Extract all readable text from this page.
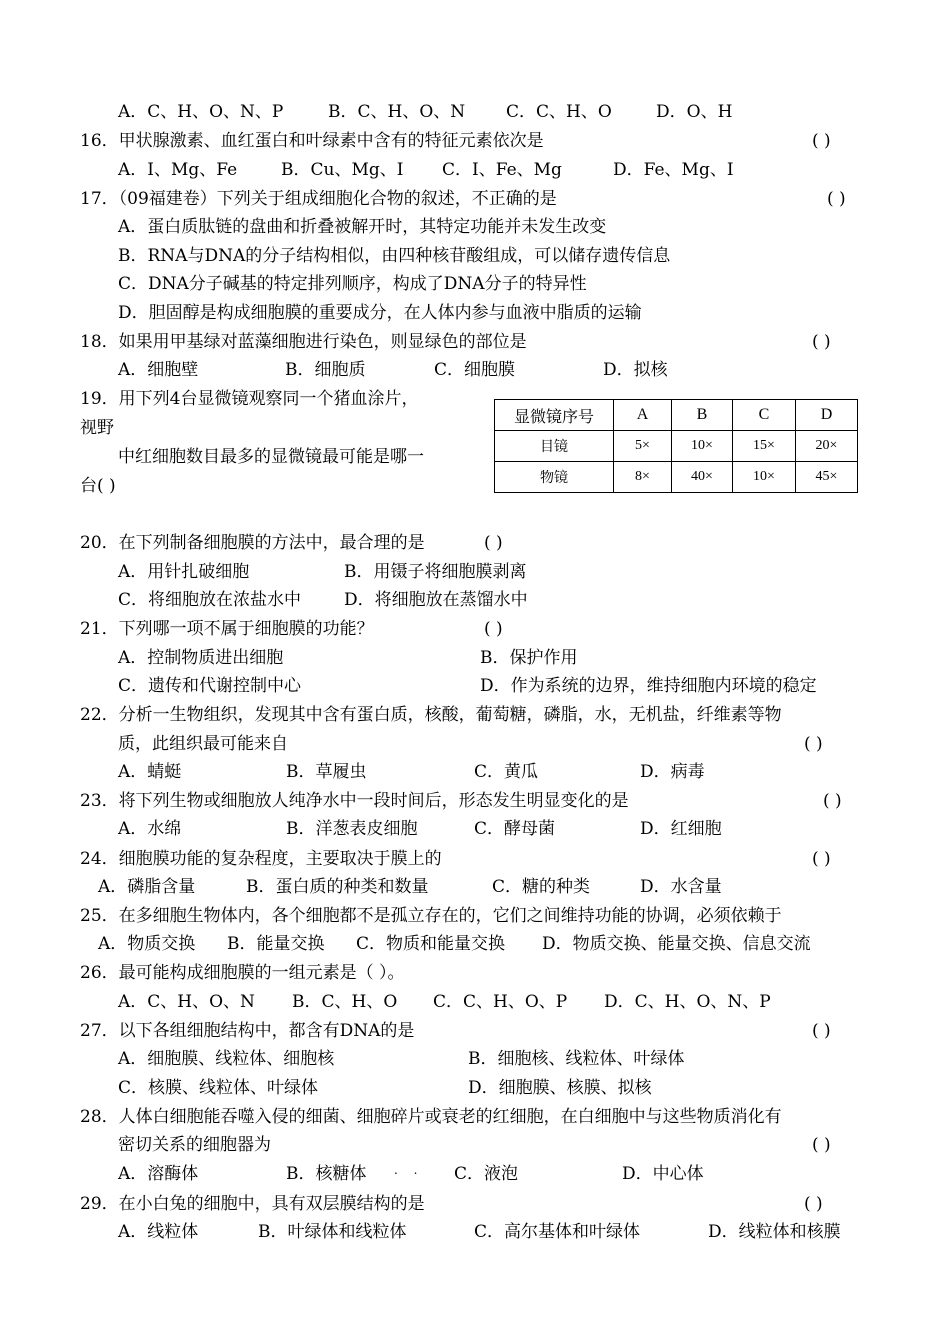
A．C、H、O、N、P	B．C、H、O、N C．C、H、O	D．O、H
16．甲状腺激素、血红蛋白和叶绿素中含有的特征元素依次是	( )
A．I、Mg、Fe	B．Cu、Mg、I C．I、Fe、Mg	D．Fe、Mg、I
17．（09福建卷）下列关于组成细胞化合物的叙述，不正确的是	( )
A．蛋白质肽链的盘曲和折叠被解开时，其特定功能并未发生改变
B．RNA与DNA的分子结构相似，由四种核苷酸组成，可以储存遗传信息
C．DNA分子碱基的特定排列顺序，构成了DNA分子的特异性
D．胆固醇是构成细胞膜的重要成分，在人体内参与血液中脂质的运输
18．如果用甲基绿对蓝藻细胞进行染色，则显绿色的部位是	( )
A．细胞壁	B．细胞质	C．细胞膜	D．拟核
19．用下列4台显微镜观察同一个猪血涂片，
视野
中红细胞数目最多的显微镜最可能是哪一
台( )
显微镜序号	A	B	C	D
目镜	5×	10×	15×	20×
物镜	8×	40×	10×	45×
20．在下列制备细胞膜的方法中，最合理的是	( )
A．用针扎破细胞	B．用镊子将细胞膜剥离
C．将细胞放在浓盐水中	D．将细胞放在蒸馏水中
21．下列哪一项不属于细胞膜的功能？	( )
A．控制物质进出细胞	B．保护作用
C．遗传和代谢控制中心	D．作为系统的边界，维持细胞内环境的稳定
22．分析一生物组织，发现其中含有蛋白质，核酸，葡萄糖，磷脂，水，无机盐，纤维素等物
质，此组织最可能来自	( )
A．蜻蜓	B．草履虫	C．黄瓜	D．病毒
23．将下列生物或细胞放人纯净水中一段时间后，形态发生明显变化的是	( )
A．水绵	B．洋葱表皮细胞	C．酵母菌	D．红细胞
24．细胞膜功能的复杂程度，主要取决于膜上的	( )
A．磷脂含量	B．蛋白质的种类和数量	C．糖的种类	D．水含量
25．在多细胞生物体内，各个细胞都不是孤立存在的，它们之间维持功能的协调，必须依赖于
A．物质交换 B．能量交换 C．物质和能量交换 D．物质交换、能量交换、信息交流
26．最可能构成细胞膜的一组元素是（ ）。
A．C、H、O、N B．C、H、O C．C、H、O、P D．C、H、O、N、P
27．以下各组细胞结构中，都含有DNA的是	( )
A．细胞膜、线粒体、细胞核	B．细胞核、线粒体、叶绿体
C．核膜、线粒体、叶绿体	D．细胞膜、核膜、拟核
28．人体白细胞能吞噬入侵的细菌、细胞碎片或衰老的红细胞，在白细胞中与这些物质消化有
密切关系的细胞器为	( )
A．溶酶体	B．核糖体	C．液泡	D．中心体
. .
29．在小白兔的细胞中，具有双层膜结构的是	( )
A．线粒体	B．叶绿体和线粒体	C．高尔基体和叶绿体	D．线粒体和核膜
